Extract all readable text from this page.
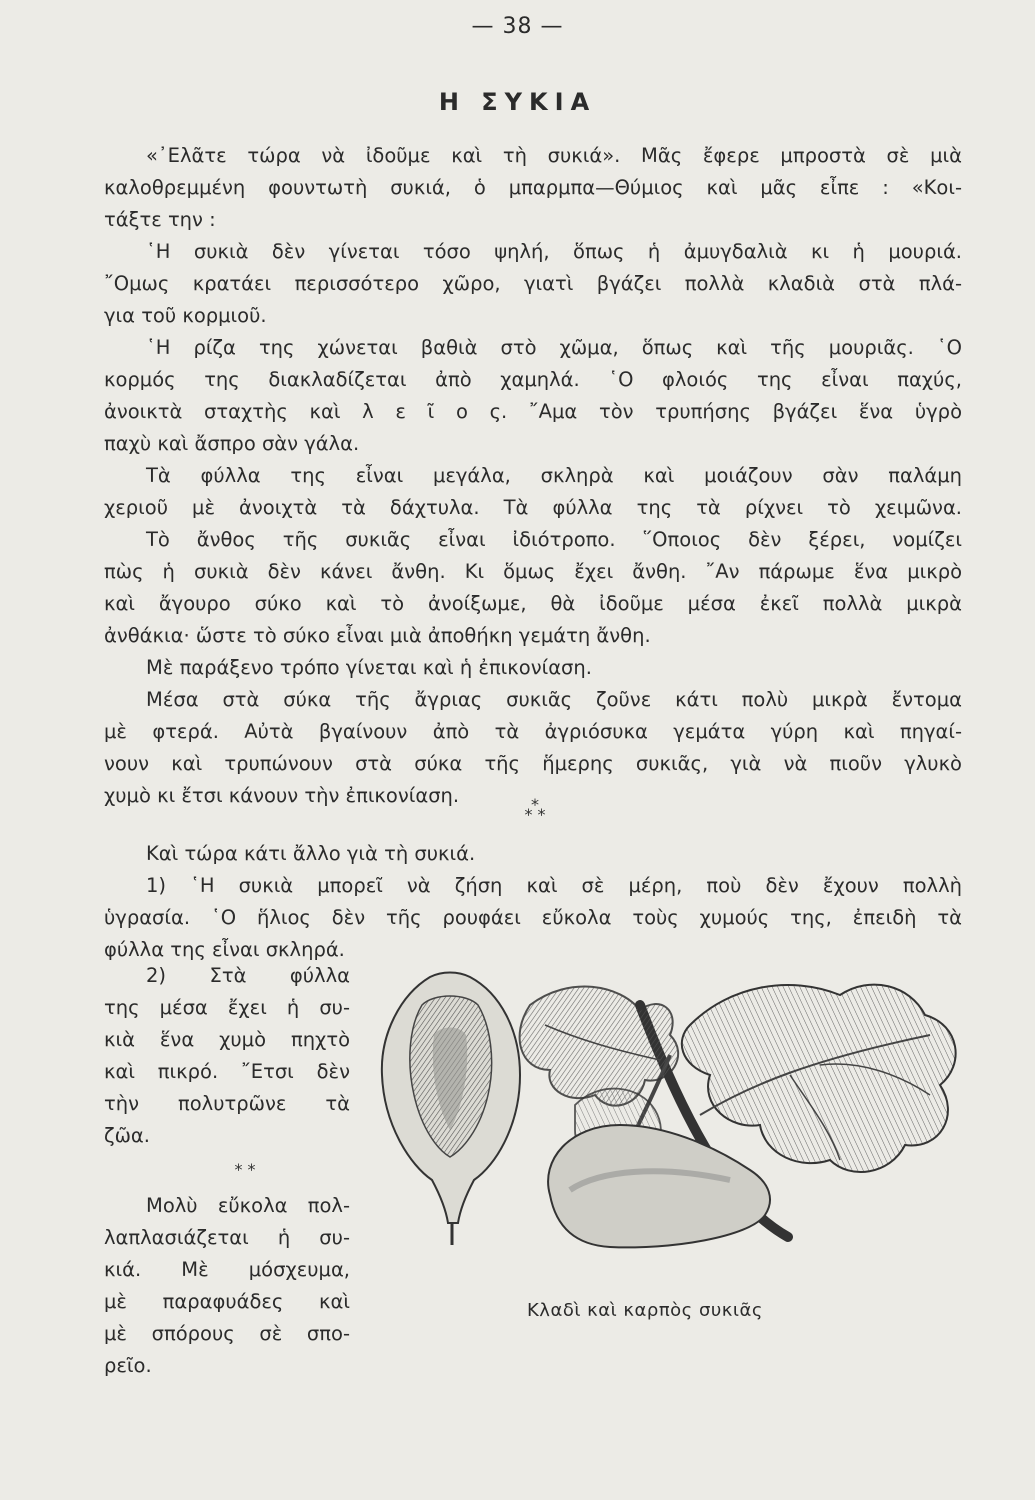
— 38 —
Η ΣΥΚΙΑ
«᾿Ελᾶτε τώρα νὰ ἰδοῦμε καὶ τὴ συκιά». Μᾶς ἔφερε μπροστὰ σὲ μιὰ
καλοθρεμμένη φουντωτὴ συκιά, ὁ μπαρμπα—Θύμιος καὶ μᾶς εἶπε : «Κοι-
τάξτε την :
῾Η συκιὰ δὲν γίνεται τόσο ψηλή, ὅπως ἡ ἀμυγδαλιὰ κι ἡ μουριά.
῎Ομως κρατάει περισσότερο χῶρο, γιατὶ βγάζει πολλὰ κλαδιὰ στὰ πλά-
για τοῦ κορμιοῦ.
῾Η ρίζα της χώνεται βαθιὰ στὸ χῶμα, ὅπως καὶ τῆς μουριᾶς. ῾Ο
κορμός της διακλαδίζεται ἀπὸ χαμηλά. ῾Ο φλοιός της εἶναι παχύς,
ἀνοικτὰ σταχτὴς καὶ λ ε ῖ ο ς. ῎Αμα τὸν τρυπήσης βγάζει ἕνα ὑγρὸ
παχὺ καὶ ἄσπρο σὰν γάλα.
Τὰ φύλλα της εἶναι μεγάλα, σκληρὰ καὶ μοιάζουν σὰν παλάμη
χεριοῦ μὲ ἀνοιχτὰ τὰ δάχτυλα. Τὰ φύλλα της τὰ ρίχνει τὸ χειμῶνα.
Τὸ ἄνθος τῆς συκιᾶς εἶναι ἰδιότροπο. ῞Οποιος δὲν ξέρει, νομίζει
πὼς ἡ συκιὰ δὲν κάνει ἄνθη. Κι ὅμως ἔχει ἄνθη. ῎Αν πάρωμε ἕνα μικρὸ
καὶ ἄγουρο σύκο καὶ τὸ ἀνοίξωμε, θὰ ἰδοῦμε μέσα ἐκεῖ πολλὰ μικρὰ
ἀνθάκια· ὥστε τὸ σύκο εἶναι μιὰ ἀποθήκη γεμάτη ἄνθη.
Μὲ παράξενο τρόπο γίνεται καὶ ἡ ἐπικονίαση.
Μέσα στὰ σύκα τῆς ἄγριας συκιᾶς ζοῦνε κάτι πολὺ μικρὰ ἔντομα
μὲ φτερά. Αὐτὰ βγαίνουν ἀπὸ τὰ ἀγριόσυκα γεμάτα γύρη καὶ πηγαί-
νουν καὶ τρυπώνουν στὰ σύκα τῆς ἥμερης συκιᾶς, γιὰ νὰ πιοῦν γλυκὸ
χυμὸ κι ἔτσι κάνουν τὴν ἐπικονίαση.	*
* *
Καὶ τώρα κάτι ἄλλο γιὰ τὴ συκιά.
1) ῾Η συκιὰ μπορεῖ νὰ ζήση καὶ σὲ μέρη, ποὺ δὲν ἔχουν πολλὴ
ὑγρασία. ῾Ο ἥλιος δὲν τῆς ρουφάει εὔκολα τοὺς χυμούς της, ἐπειδὴ τὰ
φύλλα της εἶναι σκληρά.
2) Στὰ φύλλα
της μέσα ἔχει ἡ συ-
κιὰ ἕνα χυμὸ πηχτὸ
καὶ πικρό. ῎Ετσι δὲν
τὴν πολυτρῶνε τὰ
ζῶα.
* *
Μολὺ εὔκολα πολ-
λαπλασιάζεται ἡ συ-
κιά. Μὲ μόσχευμα,
μὲ παραφυάδες καὶ
μὲ σπόρους σὲ σπο-
ρεῖο.
Κλαδὶ καὶ καρπὸς συκιᾶς
